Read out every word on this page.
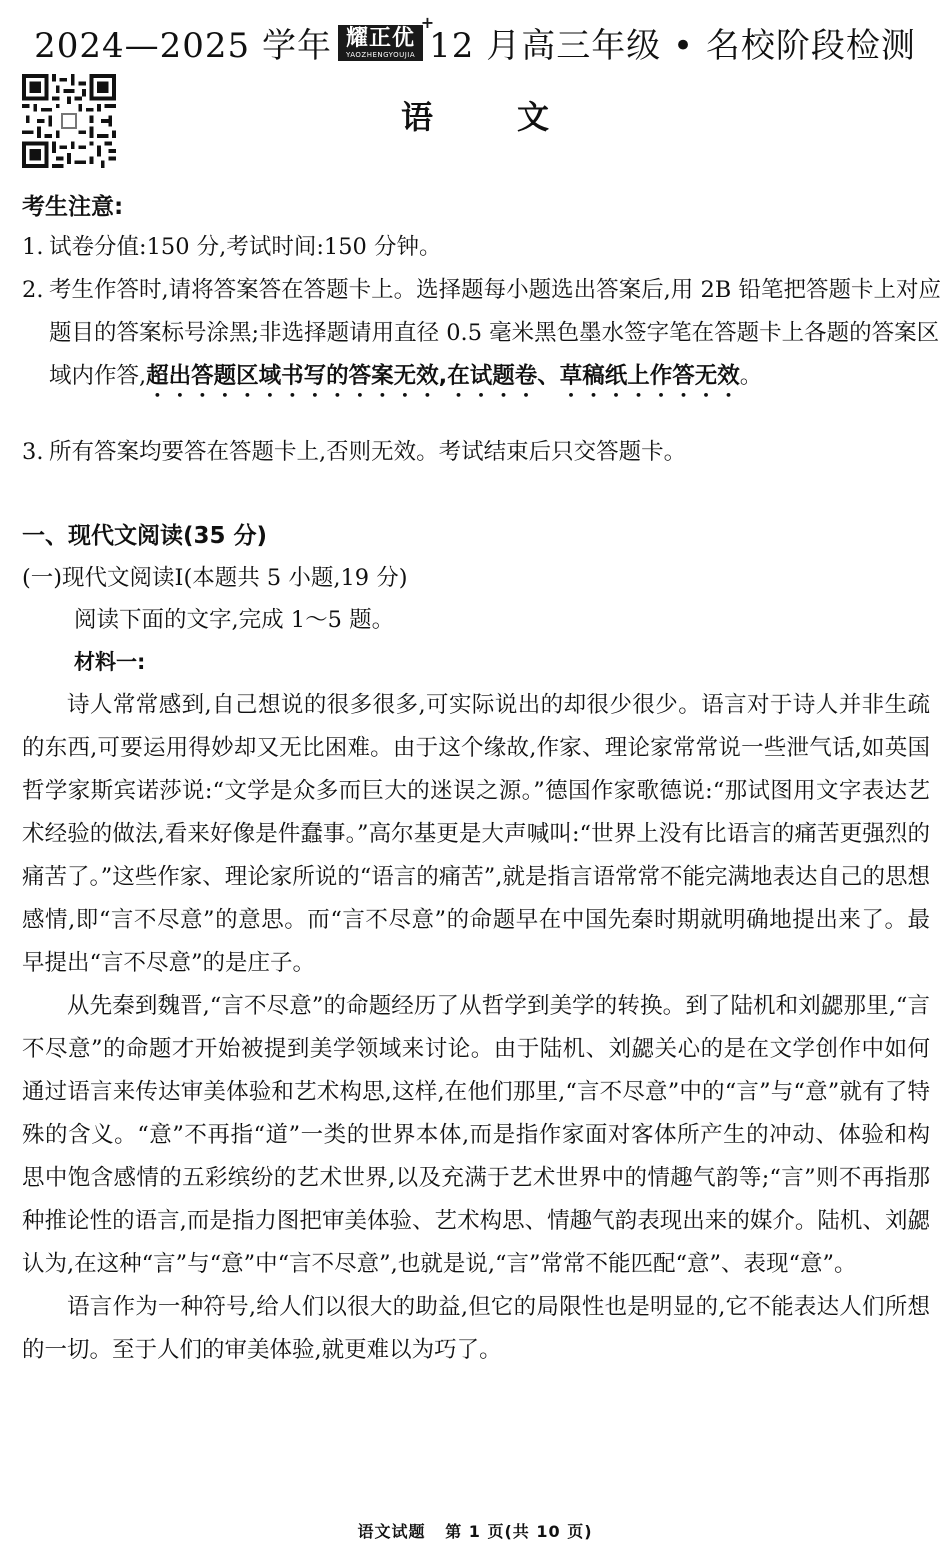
2024—2025 学年 耀正优
YAOZHENGYOUJIA
+
12 月高三年级 • 名校阶段检测
语文
考生注意:
1. 试卷分值:150 分,考试时间:150 分钟。
2. 考生作答时,请将答案答在答题卡上。选择题每小题选出答案后,用 2B 铅笔把答题卡上对应题目的答案标号涂黑;非选择题请用直径 0.5 毫米黑色墨水签字笔在答题卡上各题的答案区域内作答,超出答题区域书写的答案无效,在试题卷、草稿纸上作答无效。
3. 所有答案均要答在答题卡上,否则无效。考试结束后只交答题卡。
一、现代文阅读(35 分)
(一)现代文阅读Ⅰ(本题共 5 小题,19 分)
阅读下面的文字,完成 1～5 题。
材料一:

诗人常常感到,自己想说的很多很多,可实际说出的却很少很少。语言对于诗人并非生疏的东西,可要运用得妙却又无比困难。由于这个缘故,作家、理论家常常说一些泄气话,如英国哲学家斯宾诺莎说:“文学是众多而巨大的迷误之源。”德国作家歌德说:“那试图用文字表达艺术经验的做法,看来好像是件蠢事。”高尔基更是大声喊叫:“世界上没有比语言的痛苦更强烈的痛苦了。”这些作家、理论家所说的“语言的痛苦”,就是指言语常常不能完满地表达自己的思想感情,即“言不尽意”的意思。而“言不尽意”的命题早在中国先秦时期就明确地提出来了。最早提出“言不尽意”的是庄子。

从先秦到魏晋,“言不尽意”的命题经历了从哲学到美学的转换。到了陆机和刘勰那里,“言不尽意”的命题才开始被提到美学领域来讨论。由于陆机、刘勰关心的是在文学创作中如何通过语言来传达审美体验和艺术构思,这样,在他们那里,“言不尽意”中的“言”与“意”就有了特殊的含义。“意”不再指“道”一类的世界本体,而是指作家面对客体所产生的冲动、体验和构思中饱含感情的五彩缤纷的艺术世界,以及充满于艺术世界中的情趣气韵等;“言”则不再指那种推论性的语言,而是指力图把审美体验、艺术构思、情趣气韵表现出来的媒介。陆机、刘勰认为,在这种“言”与“意”中“言不尽意”,也就是说,“言”常常不能匹配“意”、表现“意”。

语言作为一种符号,给人们以很大的助益,但它的局限性也是明显的,它不能表达人们所想的一切。至于人们的审美体验,就更难以为巧了。

语文试题 第 1 页(共 10 页)
